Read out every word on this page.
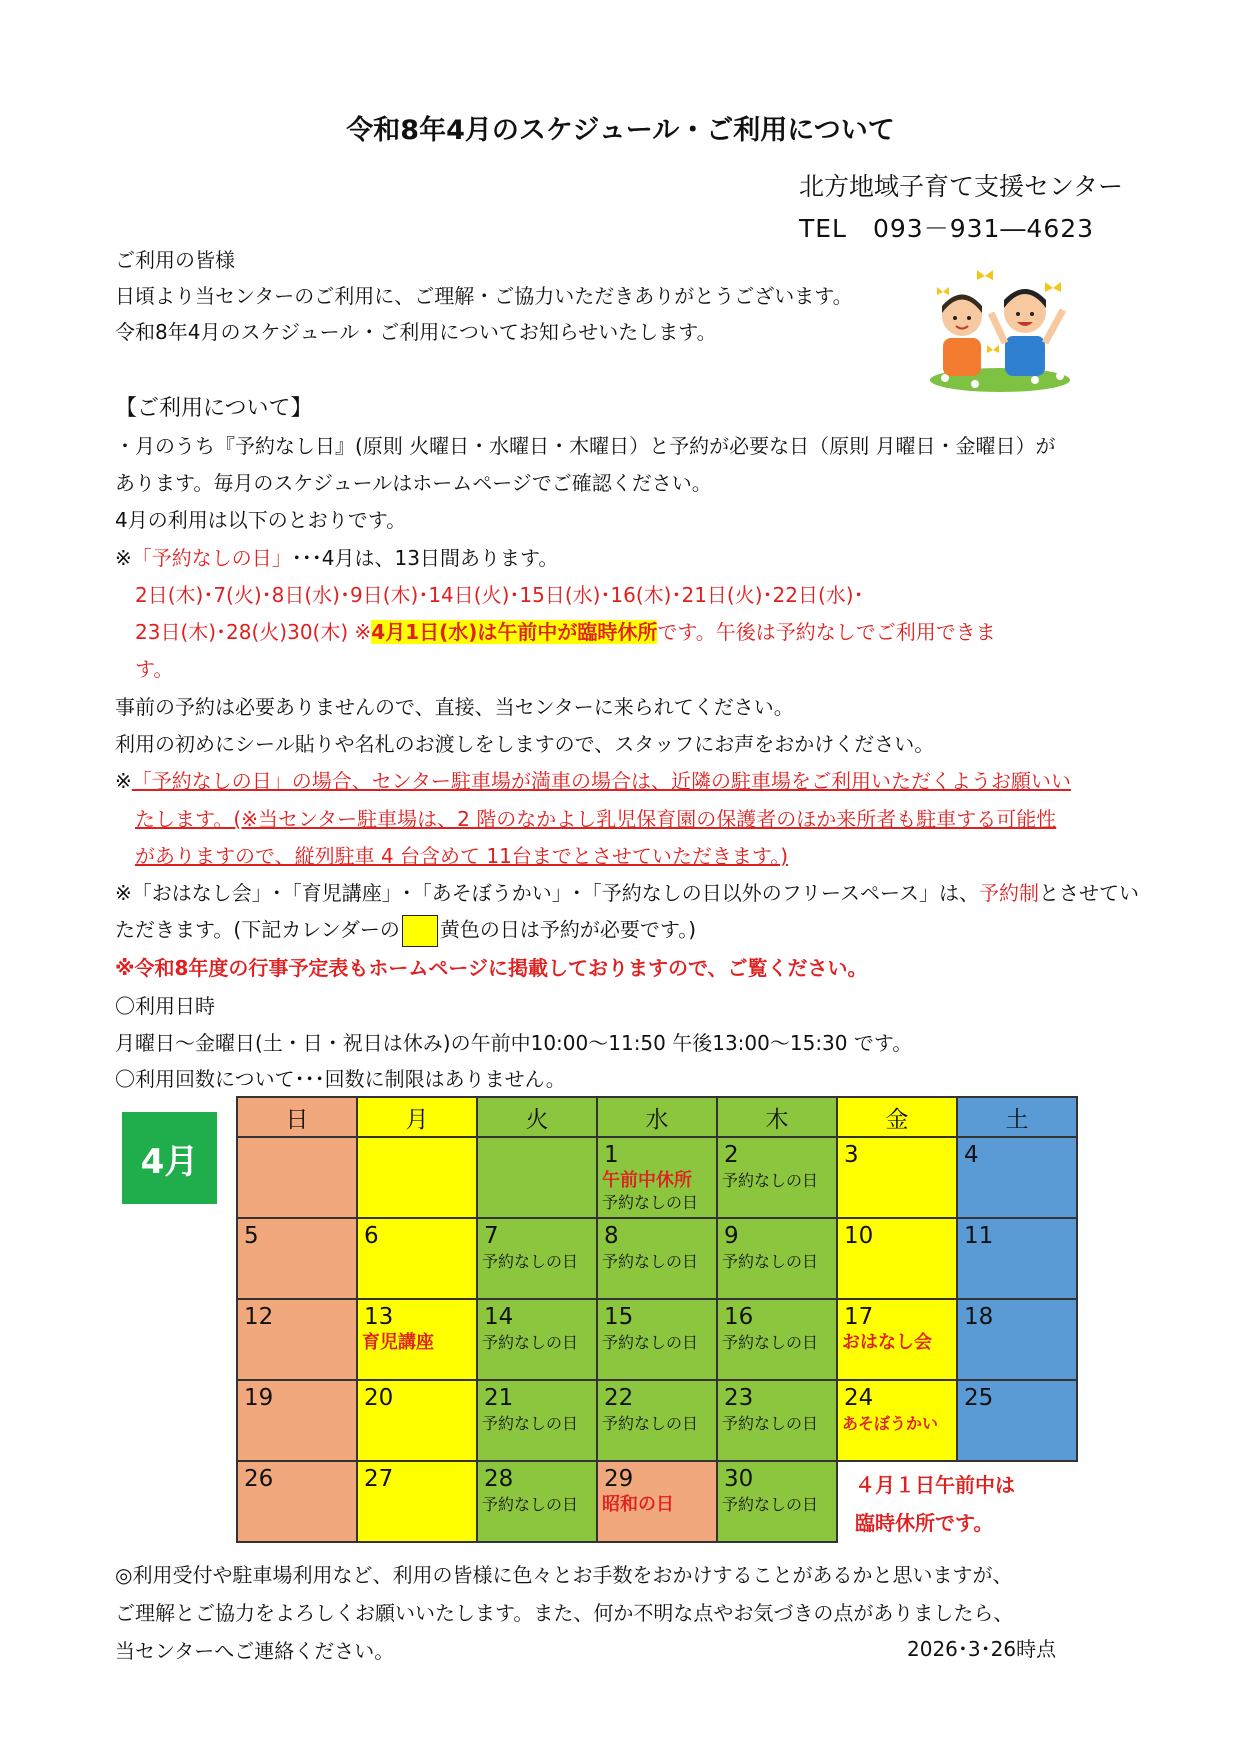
令和8年4月のスケジュール・ご利用について
北方地域子育て支援センター
TEL　093－931―4623
ご利用の皆様
日頃より当センターのご利用に、ご理解・ご協力いただきありがとうございます。
令和8年4月のスケジュール・ご利用についてお知らせいたします。
【ご利用について】
・月のうち『予約なし日』(原則 火曜日・水曜日・木曜日）と予約が必要な日（原則 月曜日・金曜日）が
あります。毎月のスケジュールはホームページでご確認ください。
4月の利用は以下のとおりです。
※「予約なしの日」･･･4月は、13日間あります。
2日(木)･7(火)･8日(水)･9日(木)･14日(火)･15日(水)･16(木)･21日(火)･22日(水)･
23日(木)･28(火)30(木) ※4月1日(水)は午前中が臨時休所です。午後は予約なしでご利用できま
す。
事前の予約は必要ありませんので、直接、当センターに来られてください。
利用の初めにシール貼りや名札のお渡しをしますので、スタッフにお声をおかけください。
※「予約なしの日」の場合、センター駐車場が満車の場合は、近隣の駐車場をご利用いただくようお願いい
たします。(※当センター駐車場は、2 階のなかよし乳児保育園の保護者のほか来所者も駐車する可能性
がありますので、縦列駐車 4 台含めて 11台までとさせていただきます。)
※「おはなし会」･「育児講座」･「あそぼうかい」･「予約なしの日以外のフリースペース」は、予約制とさせてい
ただきます。(下記カレンダーの 黄色の日は予約が必要です。)
※令和8年度の行事予定表もホームページに掲載しておりますので、ご覧ください。
〇利用日時
月曜日～金曜日(土・日・祝日は休み)の午前中10:00～11:50 午後13:00～15:30 です。
〇利用回数について･･･回数に制限はありません。
4月
日	月	火	水	木	金	土

			1
午前中休所
予約なしの日	2
予約なしの日	3	4

5	6	7
予約なしの日	8
予約なしの日	9
予約なしの日	10	11

12	13
育児講座	14
予約なしの日	15
予約なしの日	16
予約なしの日	17
おはなし会	18

19	20	21
予約なしの日	22
予約なしの日	23
予約なしの日	24
あそぼうかい	25

26	27	28
予約なしの日	29
昭和の日	30
予約なしの日		

４月１日午前中は
臨時休所です。
◎利用受付や駐車場利用など、利用の皆様に色々とお手数をおかけすることがあるかと思いますが、
ご理解とご協力をよろしくお願いいたします。また、何か不明な点やお気づきの点がありましたら、
当センターへご連絡ください。	2026･3･26時点
